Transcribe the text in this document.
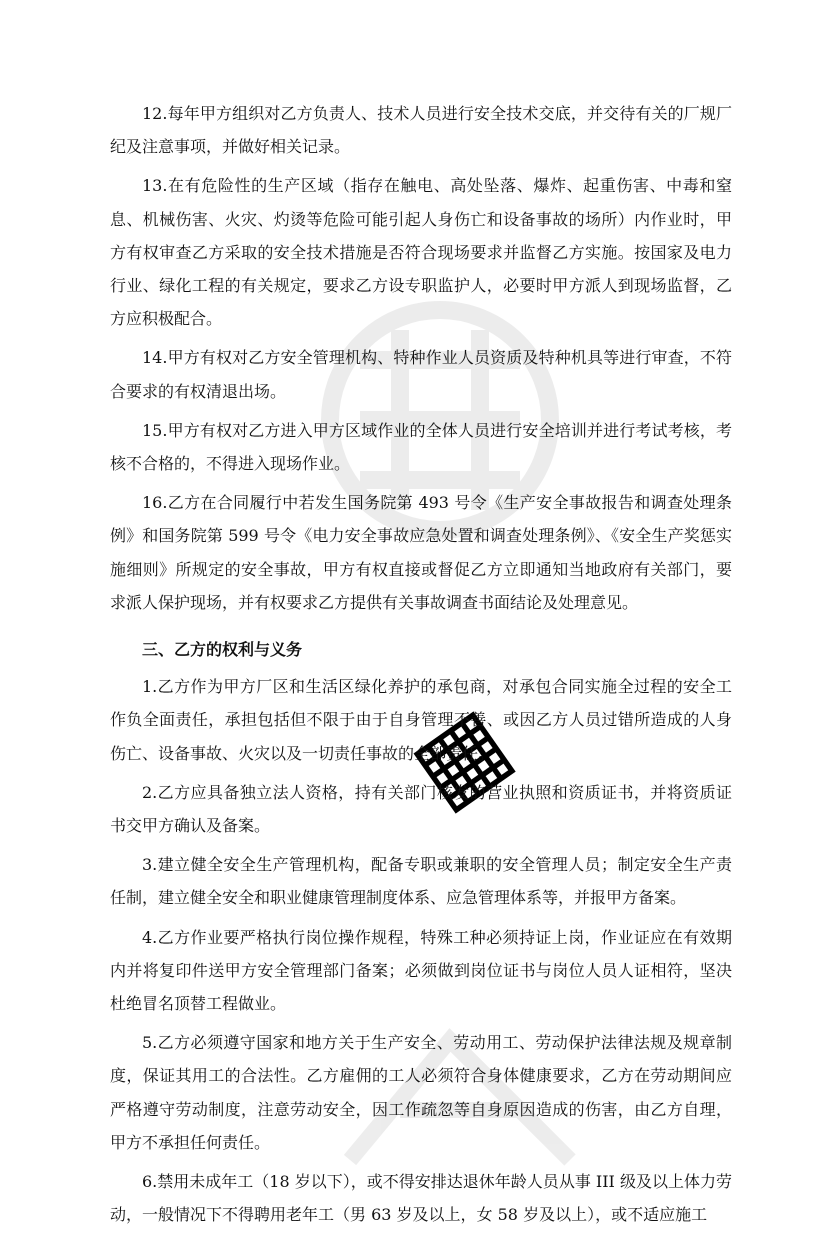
▦

12.每年甲方组织对乙方负责人、技术人员进行安全技术交底，并交待有关的厂规厂纪及注意事项，并做好相关记录。

13.在有危险性的生产区域（指存在触电、高处坠落、爆炸、起重伤害、中毒和窒息、机械伤害、火灾、灼烫等危险可能引起人身伤亡和设备事故的场所）内作业时，甲方有权审查乙方采取的安全技术措施是否符合现场要求并监督乙方实施。按国家及电力行业、绿化工程的有关规定，要求乙方设专职监护人，必要时甲方派人到现场监督，乙方应积极配合。

14.甲方有权对乙方安全管理机构、特种作业人员资质及特种机具等进行审查，不符合要求的有权清退出场。

15.甲方有权对乙方进入甲方区域作业的全体人员进行安全培训并进行考试考核，考核不合格的，不得进入现场作业。

16.乙方在合同履行中若发生国务院第 493 号令《生产安全事故报告和调查处理条例》和国务院第 599 号令《电力安全事故应急处置和调查处理条例》、《安全生产奖惩实施细则》所规定的安全事故，甲方有权直接或督促乙方立即通知当地政府有关部门，要求派人保护现场，并有权要求乙方提供有关事故调查书面结论及处理意见。

三、乙方的权利与义务

1.乙方作为甲方厂区和生活区绿化养护的承包商，对承包合同实施全过程的安全工作负全面责任，承担包括但不限于由于自身管理不善、或因乙方人员过错所造成的人身伤亡、设备事故、火灾以及一切责任事故的全部责任。

2.乙方应具备独立法人资格，持有关部门核发的营业执照和资质证书，并将资质证书交甲方确认及备案。

3.建立健全安全生产管理机构，配备专职或兼职的安全管理人员；制定安全生产责任制，建立健全安全和职业健康管理制度体系、应急管理体系等，并报甲方备案。

4.乙方作业要严格执行岗位操作规程，特殊工种必须持证上岗，作业证应在有效期内并将复印件送甲方安全管理部门备案；必须做到岗位证书与岗位人员人证相符，坚决杜绝冒名顶替工程做业。

5.乙方必须遵守国家和地方关于生产安全、劳动用工、劳动保护法律法规及规章制度，保证其用工的合法性。乙方雇佣的工人必须符合身体健康要求，乙方在劳动期间应严格遵守劳动制度，注意劳动安全，因工作疏忽等自身原因造成的伤害，由乙方自理，甲方不承担任何责任。

6.禁用未成年工（18 岁以下），或不得安排达退休年龄人员从事 III 级及以上体力劳动，一般情况下不得聘用老年工（男 63 岁及以上，女 58 岁及以上），或不适应施工
